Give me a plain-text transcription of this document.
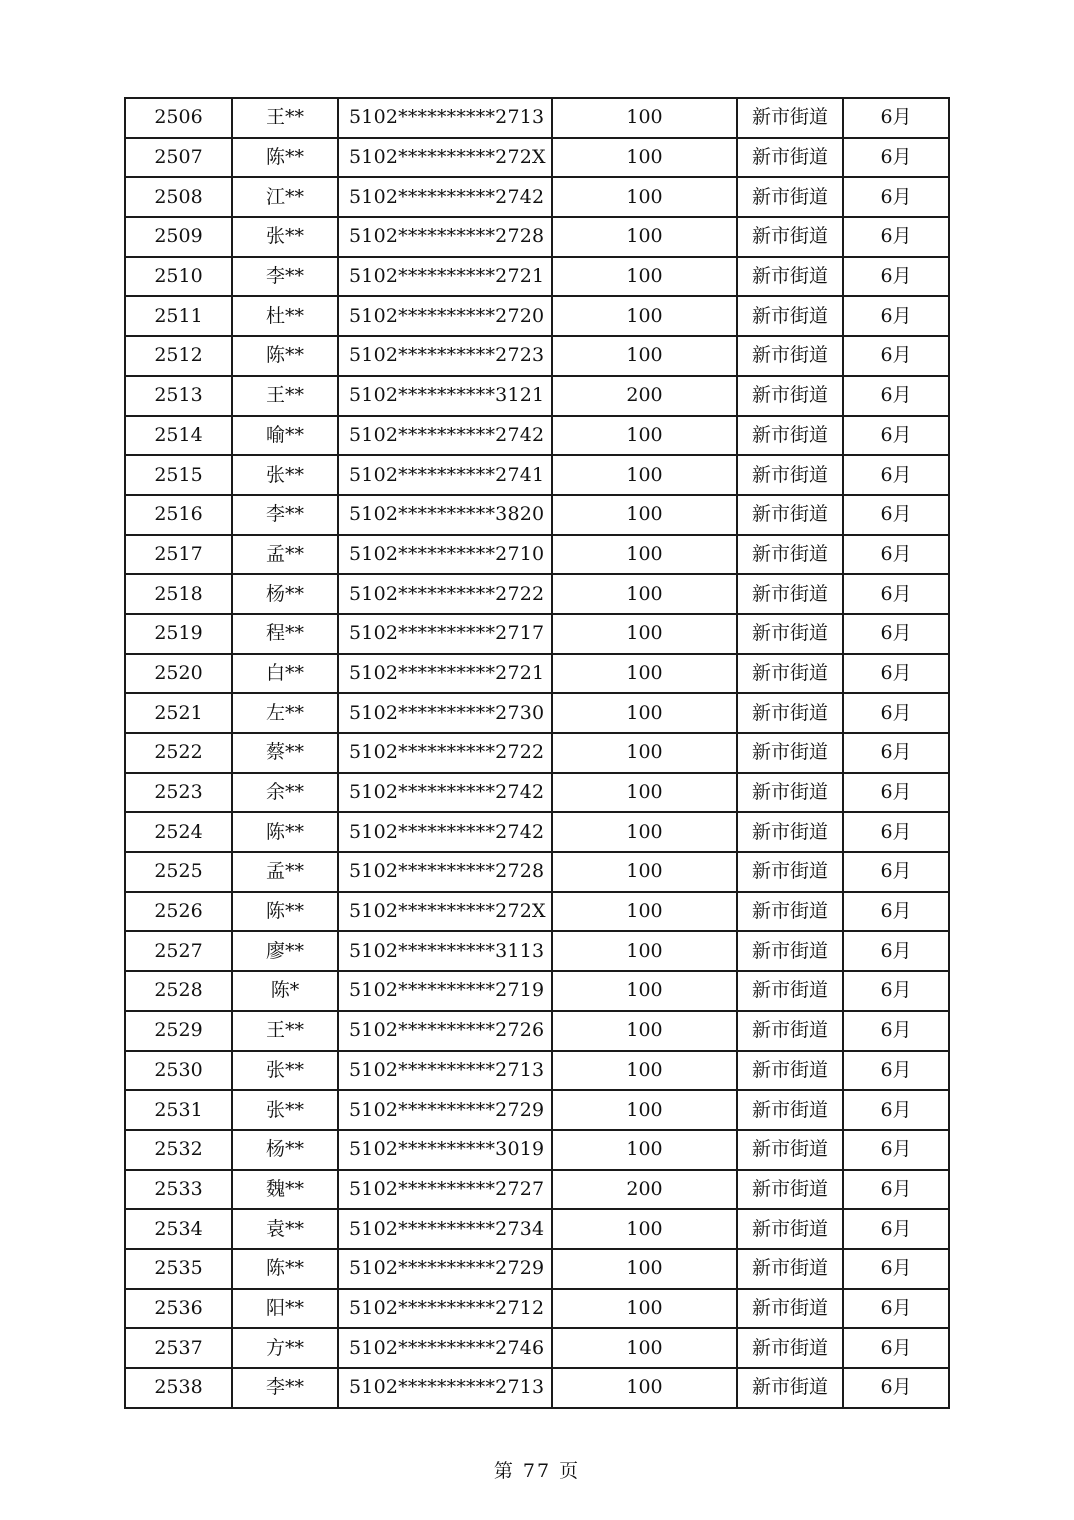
2506	王**	5102**********2713	100	新市街道	6月
2507	陈**	5102**********272X	100	新市街道	6月
2508	江**	5102**********2742	100	新市街道	6月
2509	张**	5102**********2728	100	新市街道	6月
2510	李**	5102**********2721	100	新市街道	6月
2511	杜**	5102**********2720	100	新市街道	6月
2512	陈**	5102**********2723	100	新市街道	6月
2513	王**	5102**********3121	200	新市街道	6月
2514	喻**	5102**********2742	100	新市街道	6月
2515	张**	5102**********2741	100	新市街道	6月
2516	李**	5102**********3820	100	新市街道	6月
2517	孟**	5102**********2710	100	新市街道	6月
2518	杨**	5102**********2722	100	新市街道	6月
2519	程**	5102**********2717	100	新市街道	6月
2520	白**	5102**********2721	100	新市街道	6月
2521	左**	5102**********2730	100	新市街道	6月
2522	蔡**	5102**********2722	100	新市街道	6月
2523	余**	5102**********2742	100	新市街道	6月
2524	陈**	5102**********2742	100	新市街道	6月
2525	孟**	5102**********2728	100	新市街道	6月
2526	陈**	5102**********272X	100	新市街道	6月
2527	廖**	5102**********3113	100	新市街道	6月
2528	陈*	5102**********2719	100	新市街道	6月
2529	王**	5102**********2726	100	新市街道	6月
2530	张**	5102**********2713	100	新市街道	6月
2531	张**	5102**********2729	100	新市街道	6月
2532	杨**	5102**********3019	100	新市街道	6月
2533	魏**	5102**********2727	200	新市街道	6月
2534	袁**	5102**********2734	100	新市街道	6月
2535	陈**	5102**********2729	100	新市街道	6月
2536	阳**	5102**********2712	100	新市街道	6月
2537	方**	5102**********2746	100	新市街道	6月
2538	李**	5102**********2713	100	新市街道	6月
第 77 页
